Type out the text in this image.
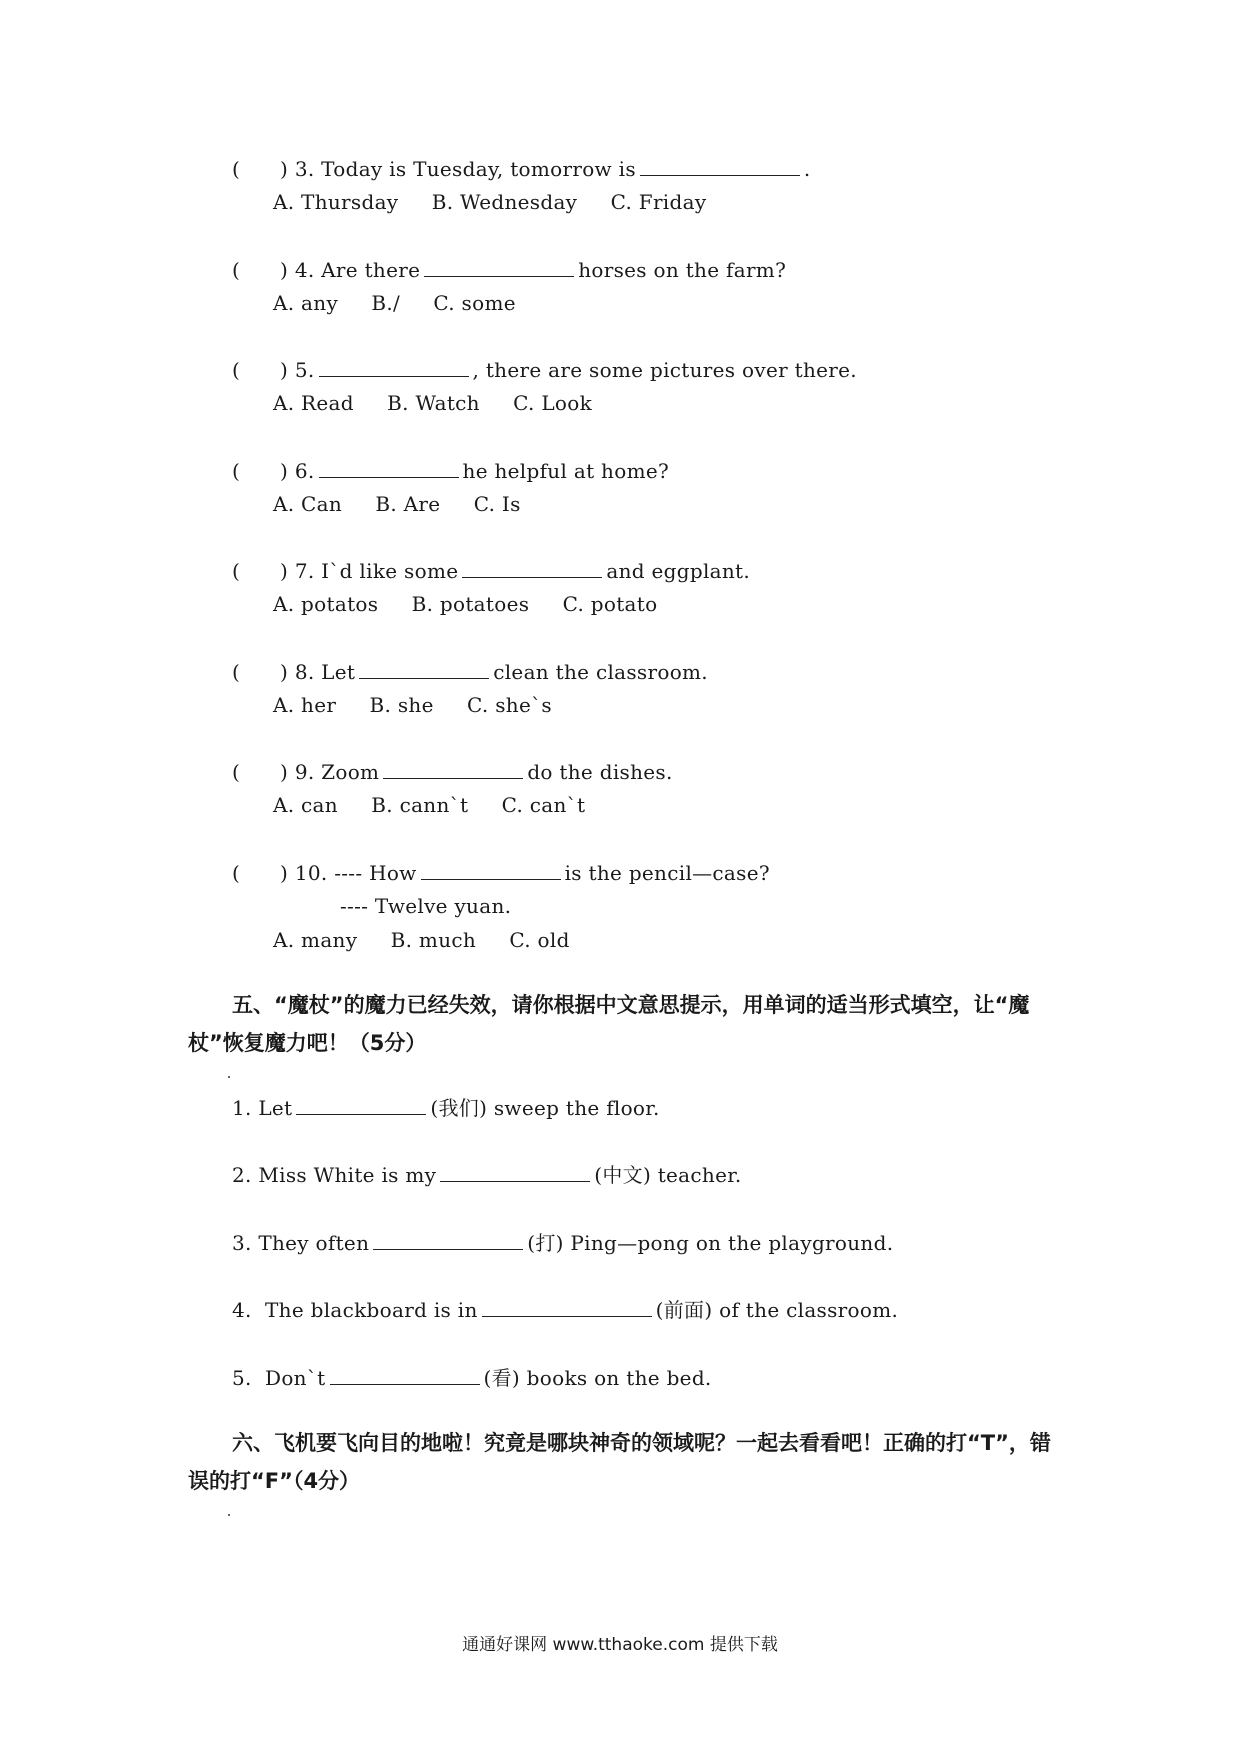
(      ) 3. Today is Tuesday, tomorrow is	.
A. Thursday     B. Wednesday     C. Friday
(      ) 4. Are there	horses on the farm?
A. any     B./     C. some
(      ) 5.	, there are some pictures over there.
A. Read     B. Watch     C. Look
(      ) 6.	he helpful at home?
A. Can     B. Are     C. Is
(      ) 7. I`d like some	and eggplant.
A. potatos     B. potatoes     C. potato
(      ) 8. Let	clean the classroom.
A. her     B. she     C. she`s
(      ) 9. Zoom	do the dishes.
A. can     B. cann`t     C. can`t
(      ) 10. ---- How	is the pencil—case?
---- Twelve yuan.
A. many     B. much     C. old
五、“魔杖”的魔力已经失效，请你根据中文意思提示，用单词的适当形式填空，让“魔杖”恢复魔力吧！（5分）
1. Let	(我们) sweep the floor.
2. Miss White is my	(中文) teacher.
3. They often	(打) Ping—pong on the playground.
4.  The blackboard is in	(前面) of the classroom.
5.  Don`t	(看) books on the bed.
六、飞机要飞向目的地啦！究竟是哪块神奇的领域呢？一起去看看吧！正确的打“T”，错误的打“F”（4分）
通通好课网 www.tthaoke.com 提供下载
